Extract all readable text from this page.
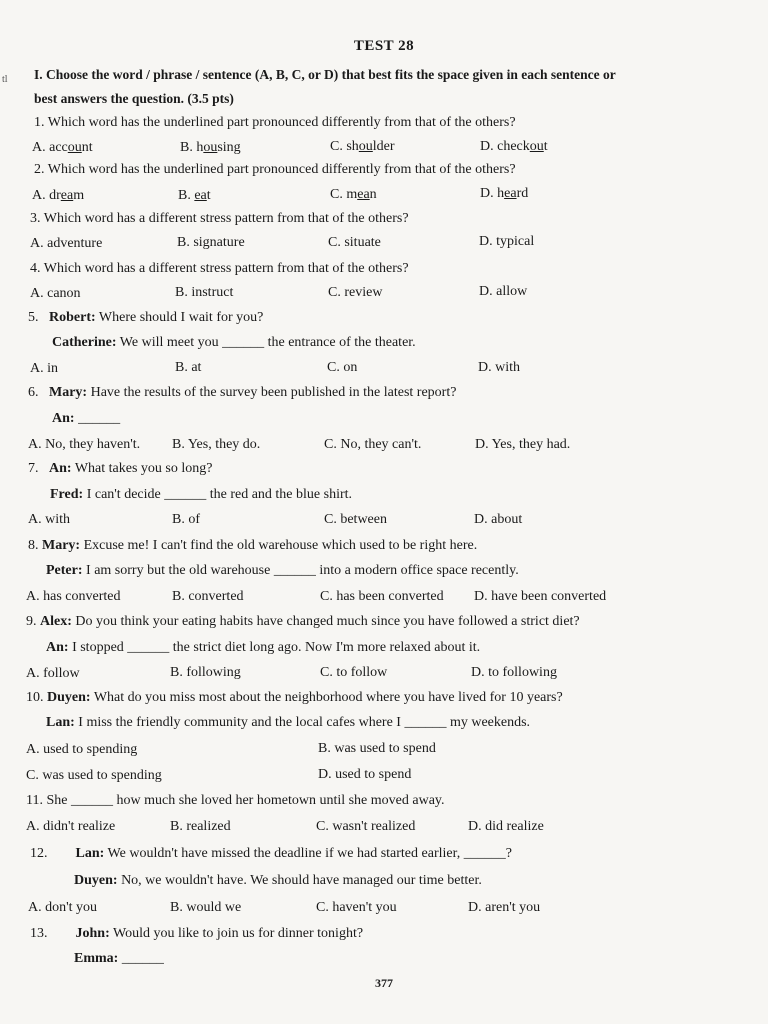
tl
TEST 28
I. Choose the word / phrase / sentence (A, B, C, or D) that best fits the space given in each sentence or
best answers the question. (3.5 pts)
1. Which word has the underlined part pronounced differently from that of the others?
A. account	B. housing	C. shoulder	D. checkout
2. Which word has the underlined part pronounced differently from that of the others?
A. dream	B. eat	C. mean	D. heard
3. Which word has a different stress pattern from that of the others?
A. adventure	B. signature	C. situate	D. typical
4. Which word has a different stress pattern from that of the others?
A. canon	B. instruct	C. review	D. allow
5. Robert: Where should I wait for you?
Catherine: We will meet you ______ the entrance of the theater.
A. in	B. at	C. on	D. with
6. Mary: Have the results of the survey been published in the latest report?
An: ______
A. No, they haven't. B. Yes, they do.	C. No, they can't.	D. Yes, they had.
7. An: What takes you so long?
Fred: I can't decide ______ the red and the blue shirt.
A. with	B. of	C. between	D. about
8. Mary: Excuse me! I can't find the old warehouse which used to be right here.
Peter: I am sorry but the old warehouse ______ into a modern office space recently.
A. has converted	B. converted	C. has been converted D. have been converted
9. Alex: Do you think your eating habits have changed much since you have followed a strict diet?
An: I stopped ______ the strict diet long ago. Now I'm more relaxed about it.
A. follow	B. following	C. to follow	D. to following
10. Duyen: What do you miss most about the neighborhood where you have lived for 10 years?
Lan: I miss the friendly community and the local cafes where I ______ my weekends.
A. used to spending	B. was used to spend
C. was used to spending	D. used to spend
11. She ______ how much she loved her hometown until she moved away.
A. didn't realize	B. realized	C. wasn't realized	D. did realize
12. Lan: We wouldn't have missed the deadline if we had started earlier, ______?
Duyen: No, we wouldn't have. We should have managed our time better.
A. don't you	B. would we	C. haven't you	D. aren't you
13. John: Would you like to join us for dinner tonight?
Emma: ______
377
